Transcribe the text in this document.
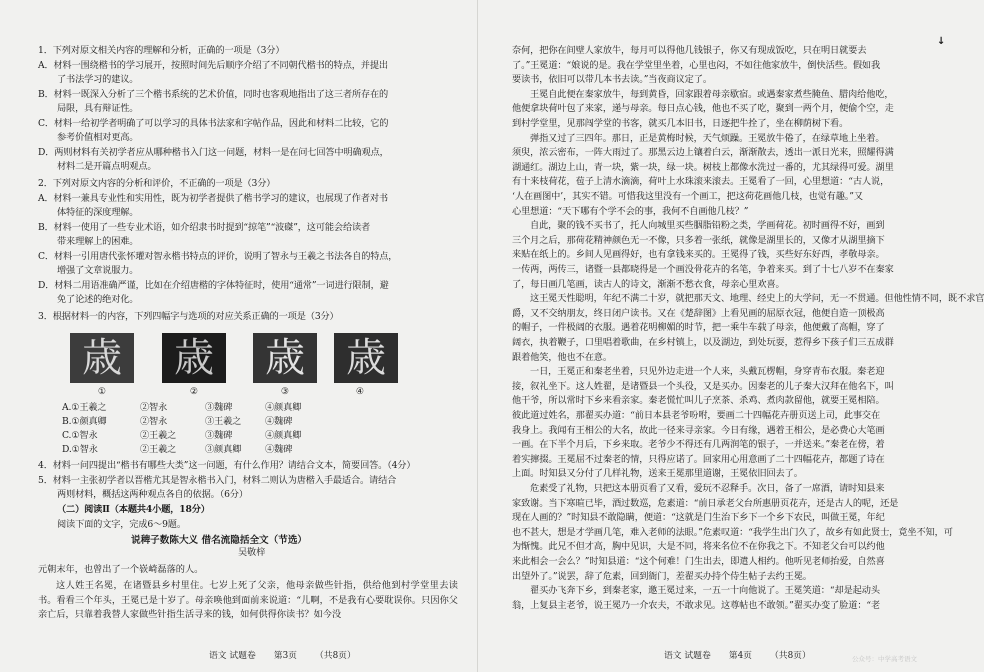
1．下列对原文相关内容的理解和分析，正确的一项是（3分）
A．材料一围绕楷书的学习展开，按照时间先后顺序介绍了不同朝代楷书的特点，并提出
了书法学习的建议。
B．材料一既深入分析了三个楷书系统的艺术价值，同时也客观地指出了这三者所存在的
局限，具有辩证性。
C．材料一给初学者明确了可以学习的具体书法家和字帖作品，因此和材料二比较，它的
参考价值相对更高。
D．两则材料有关初学者应从哪种楷书入门这一问题，材料一是在问七回答中明确观点，
材料二是开篇点明观点。
2．下列对原文内容的分析和评价，不正确的一项是（3分）
A．材料一兼具专业性和实用性，既为初学者提供了楷书学习的建议，也展现了作者对书
体特征的深度理解。
B．材料一使用了一些专业术语，如介绍隶书时提到“掠笔”“波磔”，这可能会给读者
带来理解上的困难。
C．材料一引用唐代张怀瓘对智永楷书特点的评价，说明了智永与王羲之书法各自的特点，
增强了文章说服力。
D．材料二用语准确严谨，比如在介绍唐楷的字体特征时，使用“通常”一词进行限制，避
免了论述的绝对化。
3．根据材料一的内容，下列四幅字与选项的对应关系正确的一项是（3分）
歳 歳 歳 歳
①	②	③	④
A.①王羲之	②智永	③魏碑	④颜真卿
B.①颜真卿	②智永	③王羲之	④魏碑
C.①智永	②王羲之	③魏碑	④颜真卿
D.①智永	②王羲之	③颜真卿	④魏碑
4．材料一问四提出“楷书有哪些大类”这一问题，有什么作用？请结合文本，简要回答。（4分）
5．材料一主张初学者以晋楷尤其是智永楷书入门，材料二则认为唐楷入手最适合。请结合
两则材料，概括这两种观点各自的依据。（6分）
（二）阅读Ⅱ（本题共4小题，18分）
阅读下面的文字，完成6～9题。
说稗子数陈大义 借名流隐括全文（节选）
吴敬梓
元朝末年，也曾出了一个嵚崎磊落的人。
这人姓王名冕，在诸暨县乡村里住。七岁上死了父亲，他母亲做些针指，供给他到村学堂里去读书。看看三个年头，王冕已是十岁了。母亲唤他到面前来说道：“儿啊，不是我有心要耽误你。只因你父亲亡后，只靠着我替人家做些针指生活寻来的钱，如何供得你读书？如今没
语文 试题卷 第3页 （共8页）
奈何，把你在间壁人家放牛，每月可以得他几钱银子，你又有现成饭吃，只在明日就要去
了。”王冕道：“娘说的是。我在学堂里坐着，心里也闷，不如往他家放牛，倒快活些。假如我
要读书，依旧可以带几本书去读。”当夜商议定了。
王冕自此便在秦家放牛，每到黄昏，回家跟着母亲歇宿。或遇秦家煮些腌鱼、腊肉给他吃，
他便拿块荷叶包了来家，递与母亲。每日点心钱，他也不买了吃，聚到一两个月，便偷个空，走
到村学堂里，见那闯学堂的书客，就买几本旧书，日逐把牛拴了，坐在柳荫树下看。
弹指又过了三四年。那日，正是黄梅时候，天气烦躁。王冕放牛倦了，在绿草地上坐着。
须臾，浓云密布，一阵大雨过了。那黑云边上镶着白云，渐渐散去，透出一派日光来，照耀得满
湖通红。湖边上山，青一块，紫一块，绿一块。树枝上都像水洗过一番的，尤其绿得可爱。湖里
有十来枝荷花，苞子上清水滴滴，荷叶上水珠滚来滚去。王冕看了一回，心里想道：“古人说，
‘人在画图中’，其实不错。可惜我这里没有一个画工，把这荷花画他几枝，也觉有趣。”又
心里想道：“天下哪有个学不会的事，我何不自画他几枝？”
自此，聚的钱不买书了，托人向城里买些胭脂铅粉之类，学画荷花。初时画得不好，画到
三个月之后，那荷花精神颜色无一不像，只多着一张纸，就像是湖里长的，又像才从湖里摘下
来贴在纸上的。乡间人见画得好，也有拿钱来买的。王冕得了钱，买些好东好西，孝敬母亲。
一传两，两传三，诸暨一县都晓得是一个画没骨花卉的名笔，争着来买。到了十七八岁不在秦家
了，每日画几笔画，读古人的诗文，渐渐不愁衣食，母亲心里欢喜。
这王冕天性聪明，年纪不满二十岁，就把那天文、地理、经史上的大学问，无一不贯通。但他性情不同，既不求官
爵，又不交纳朋友，终日闭户读书。又在《楚辞图》上看见画的屈原衣冠，他便自造一顶极高
的帽子，一件极阔的衣服。遇着花明柳媚的时节，把一乘牛车载了母亲，他便戴了高帽，穿了
阔衣，执着鞭子，口里唱着歌曲，在乡村镇上，以及湖边，到处玩耍，惹得乡下孩子们三五成群
跟着他笑，他也不在意。
一日，王冕正和秦老坐着，只见外边走进一个人来，头戴瓦楞帽，身穿青布衣服。秦老迎
接，叙礼坐下。这人姓翟，是诸暨县一个头役，又是买办。因秦老的儿子秦大汉拜在他名下，叫
他干爷，所以常时下乡来看亲家。秦老慌忙叫儿子烹茶、杀鸡、煮肉款留他，就要王冕相陪。
彼此道过姓名，那翟买办道：“前日本县老爷吩咐，要画二十四幅花卉册页送上司，此事交在
我身上。我闻有王相公的大名，故此一径来寻亲家。今日有缘，遇着王相公，是必费心大笔画
一画。在下半个月后，下乡来取。老爷少不得还有几两润笔的银子，一并送来。”秦老在傍，着
着实撺掇。王冕屈不过秦老的情，只得应诺了。回家用心用意画了二十四幅花卉，都题了诗在
上面。时知县又分付了几样礼物，送来王冕那里道谢，王冕依旧回去了。
危素受了礼物，只把这本册页看了又看，爱玩不忍释手。次日，备了一席酒，请时知县来
家致谢。当下寒暄已毕，酒过数巡，危素道：“前日承老父台所惠册页花卉，还是古人的呢，还是
现在人画的？”时知县不敢隐瞒，便道：“这就是门生治下乡下一个乡下农民，叫做王冕，年纪
也不甚大，想是才学画几笔，难入老师的法眼。”危素叹道：“我学生出门久了，故乡有如此贤士，竟坐不知，可
为惭愧。此兄不但才高，胸中见识，大是不同，将来名位不在你我之下。不知老父台可以约他
来此相会一会么？”时知县道：“这个何难！门生出去，即遣人相约。他听见老师抬爱，自然喜
出望外了。”说罢，辞了危素，回到衙门，差翟买办持个侍生帖子去约王冕。
翟买办飞奔下乡，到秦老家，邀王冕过来，一五一十向他说了。王冕笑道：“却是起动头
翁，上复县主老爷，说王冕乃一介农夫，不敢求见。这尊帖也不敢领。”翟买办变了脸道：“老
语文 试题卷 第4页 （共8页）
↓
公众号：中学高考语文
